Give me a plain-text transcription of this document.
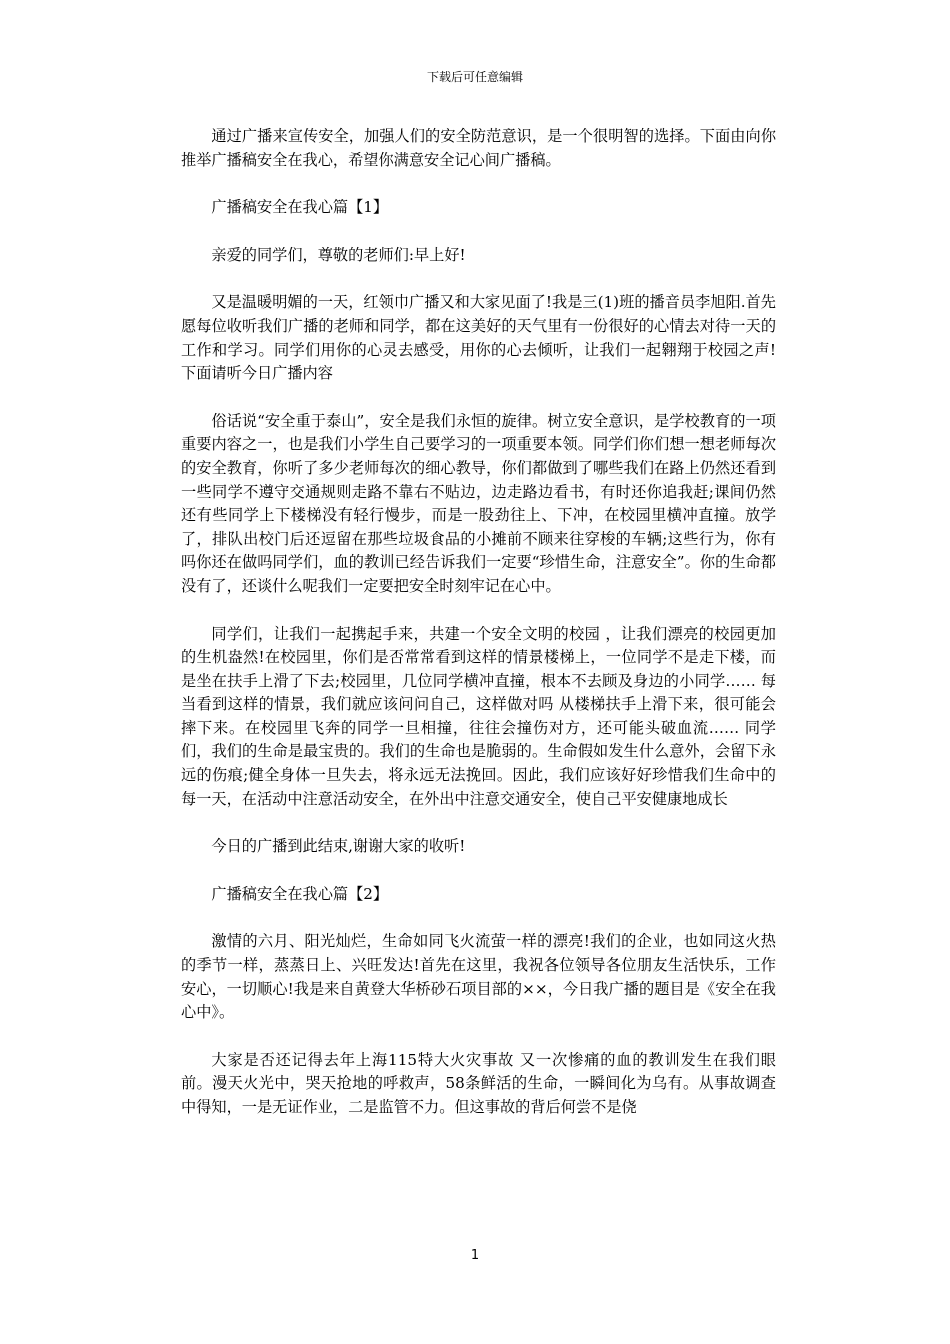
下载后可任意编辑

通过广播来宣传安全，加强人们的安全防范意识，是一个很明智的选择。下面由向你推举广播稿安全在我心，希望你满意安全记心间广播稿。

广播稿安全在我心篇【1】

亲爱的同学们，尊敬的老师们:早上好!

又是温暖明媚的一天，红领巾广播又和大家见面了!我是三(1)班的播音员李旭阳.首先愿每位收听我们广播的老师和同学，都在这美好的天气里有一份很好的心情去对待一天的工作和学习。同学们用你的心灵去感受，用你的心去倾听，让我们一起翱翔于校园之声!下面请听今日广播内容

俗话说“安全重于泰山”，安全是我们永恒的旋律。树立安全意识，是学校教育的一项重要内容之一，也是我们小学生自己要学习的一项重要本领。同学们你们想一想老师每次的安全教育，你听了多少老师每次的细心教导，你们都做到了哪些我们在路上仍然还看到一些同学不遵守交通规则走路不靠右不贴边，边走路边看书，有时还你追我赶;课间仍然还有些同学上下楼梯没有轻行慢步，而是一股劲往上、下冲，在校园里横冲直撞。放学了，排队出校门后还逗留在那些垃圾食品的小摊前不顾来往穿梭的车辆;这些行为，你有吗你还在做吗同学们，血的教训已经告诉我们一定要“珍惜生命，注意安全”。你的生命都没有了，还谈什么呢我们一定要把安全时刻牢记在心中。

同学们，让我们一起携起手来，共建一个安全文明的校园 ，让我们漂亮的校园更加的生机盎然!在校园里，你们是否常常看到这样的情景楼梯上，一位同学不是走下楼，而是坐在扶手上滑了下去;校园里，几位同学横冲直撞，根本不去顾及身边的小同学…… 每当看到这样的情景，我们就应该问问自己，这样做对吗 从楼梯扶手上滑下来，很可能会摔下来。在校园里飞奔的同学一旦相撞，往往会撞伤对方，还可能头破血流…… 同学们，我们的生命是最宝贵的。我们的生命也是脆弱的。生命假如发生什么意外，会留下永远的伤痕;健全身体一旦失去，将永远无法挽回。因此，我们应该好好珍惜我们生命中的每一天，在活动中注意活动安全，在外出中注意交通安全，使自己平安健康地成长

今日的广播到此结束,谢谢大家的收听!

广播稿安全在我心篇【2】

激情的六月、阳光灿烂，生命如同飞火流萤一样的漂亮!我们的企业，也如同这火热的季节一样，蒸蒸日上、兴旺发达!首先在这里，我祝各位领导各位朋友生活快乐，工作安心，一切顺心!我是来自黄登大华桥砂石项目部的××，今日我广播的题目是《安全在我心中》。

大家是否还记得去年上海115特大火灾事故 又一次惨痛的血的教训发生在我们眼前。漫天火光中，哭天抢地的呼救声，58条鲜活的生命，一瞬间化为乌有。从事故调查中得知，一是无证作业，二是监管不力。但这事故的背后何尝不是侥

1
